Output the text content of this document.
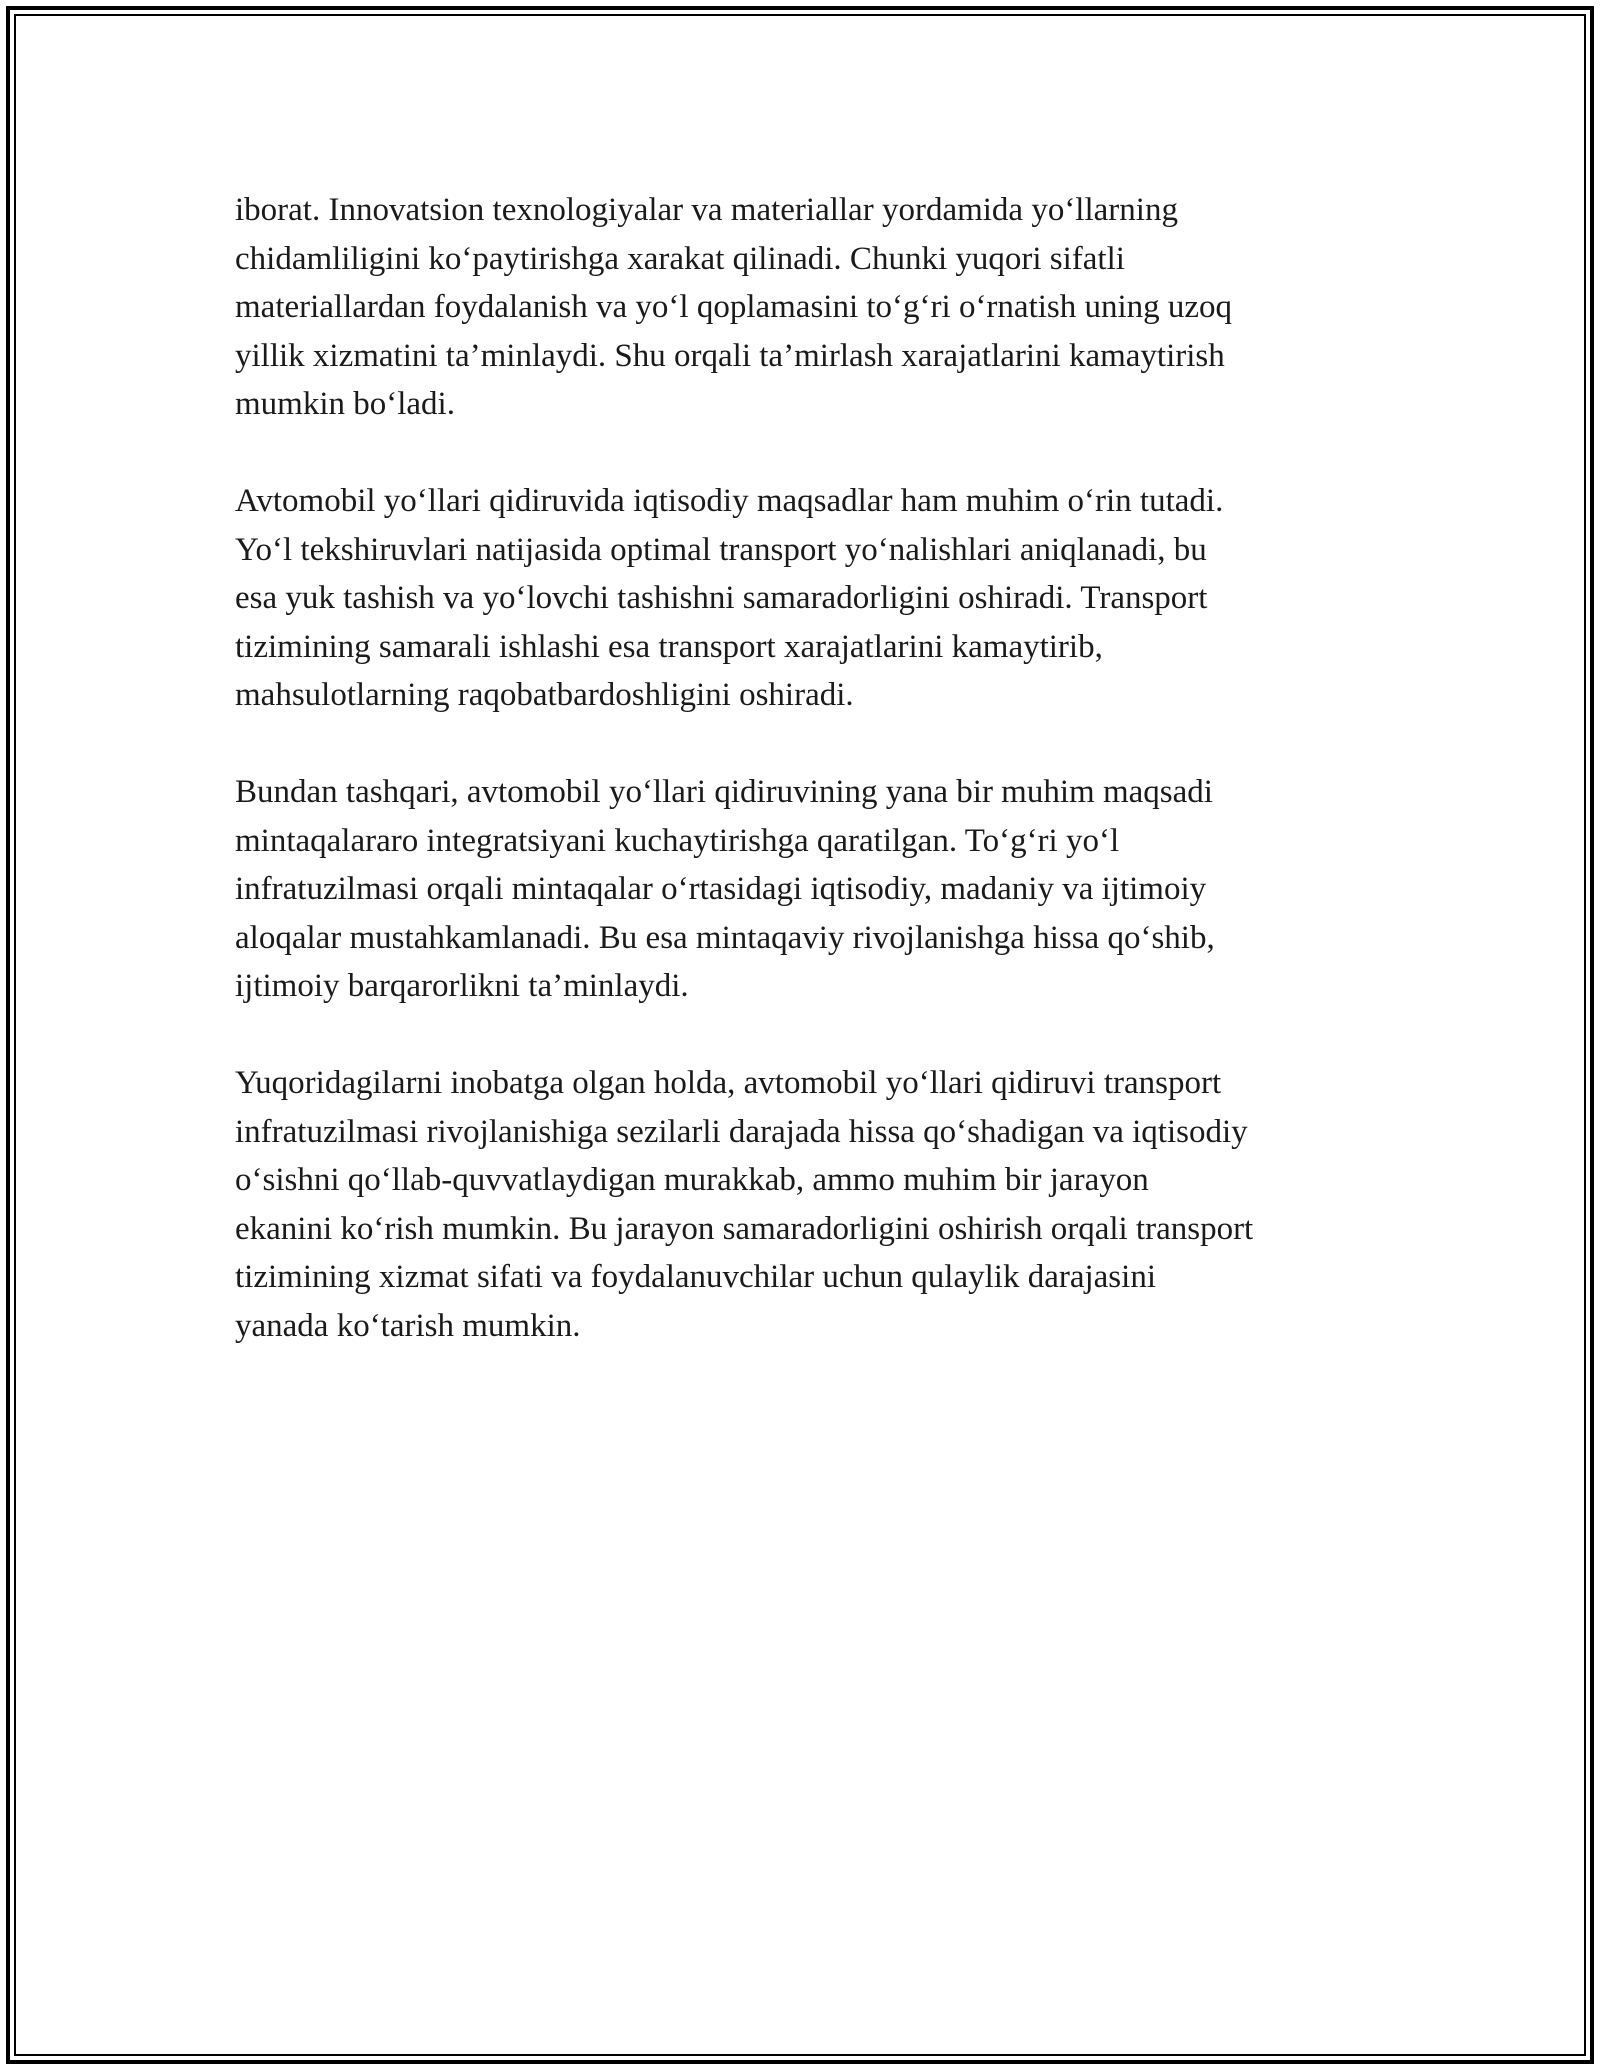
iborat. Innovatsion texnologiyalar va materiallar yordamida yo‘llarning
chidamliligini ko‘paytirishga xarakat qilinadi. Chunki yuqori sifatli
materiallardan foydalanish va yo‘l qoplamasini to‘g‘ri o‘rnatish uning uzoq
yillik xizmatini ta’minlaydi. Shu orqali ta’mirlash xarajatlarini kamaytirish
mumkin bo‘ladi.

Avtomobil yo‘llari qidiruvida iqtisodiy maqsadlar ham muhim o‘rin tutadi.
Yo‘l tekshiruvlari natijasida optimal transport yo‘nalishlari aniqlanadi, bu
esa yuk tashish va yo‘lovchi tashishni samaradorligini oshiradi. Transport
tizimining samarali ishlashi esa transport xarajatlarini kamaytirib,
mahsulotlarning raqobatbardoshligini oshiradi.

Bundan tashqari, avtomobil yo‘llari qidiruvining yana bir muhim maqsadi
mintaqalararo integratsiyani kuchaytirishga qaratilgan. To‘g‘ri yo‘l
infratuzilmasi orqali mintaqalar o‘rtasidagi iqtisodiy, madaniy va ijtimoiy
aloqalar mustahkamlanadi. Bu esa mintaqaviy rivojlanishga hissa qo‘shib,
ijtimoiy barqarorlikni ta’minlaydi.

Yuqoridagilarni inobatga olgan holda, avtomobil yo‘llari qidiruvi transport
infratuzilmasi rivojlanishiga sezilarli darajada hissa qo‘shadigan va iqtisodiy
o‘sishni qo‘llab-quvvatlaydigan murakkab, ammo muhim bir jarayon
ekanini ko‘rish mumkin. Bu jarayon samaradorligini oshirish orqali transport
tizimining xizmat sifati va foydalanuvchilar uchun qulaylik darajasini
yanada ko‘tarish mumkin.
